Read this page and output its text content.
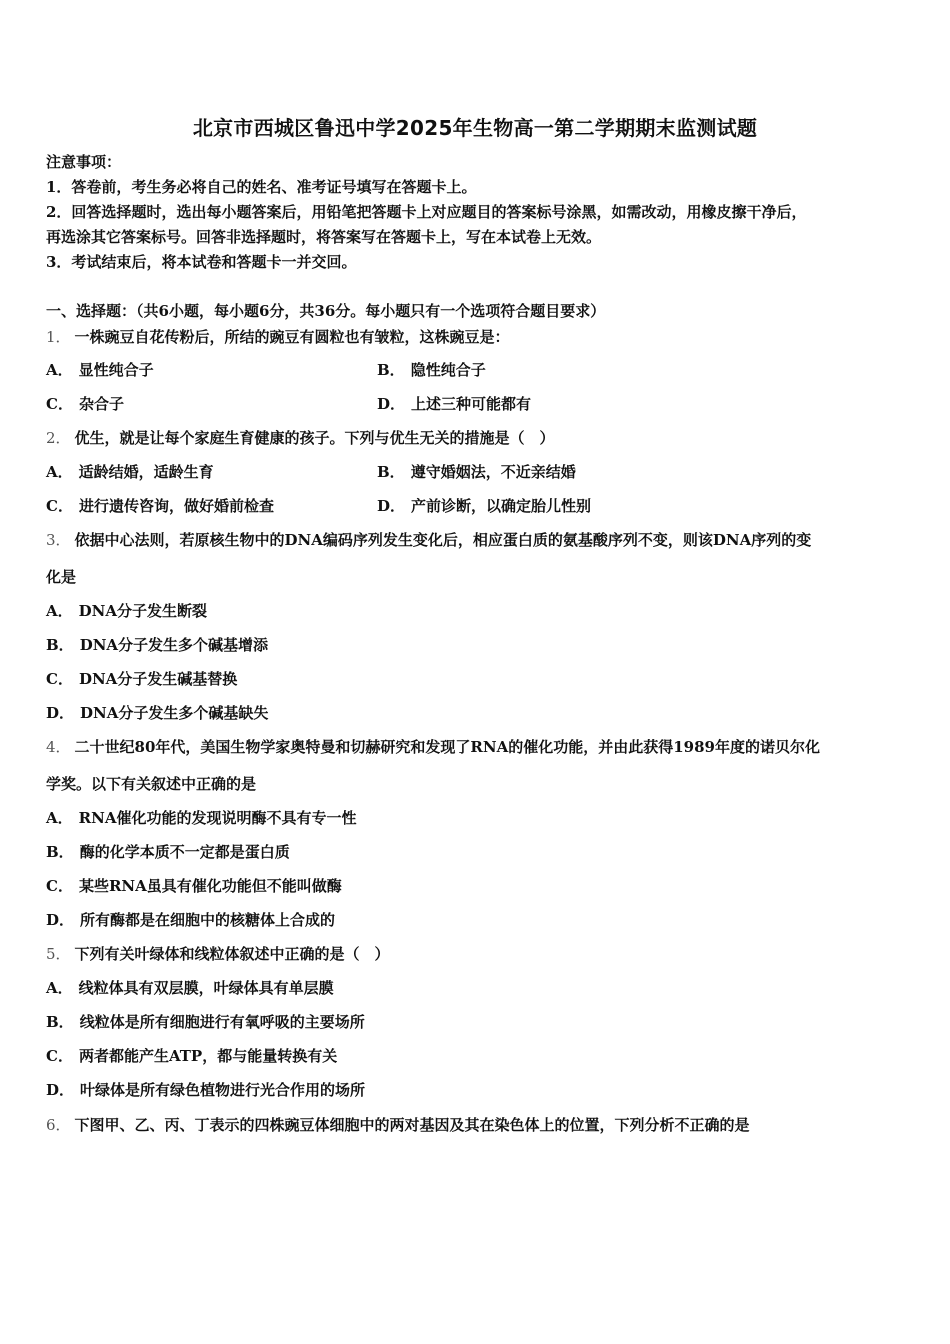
北京市西城区鲁迅中学2025年生物高一第二学期期末监测试题
注意事项：
1．答卷前，考生务必将自己的姓名、准考证号填写在答题卡上。
2．回答选择题时，选出每小题答案后，用铅笔把答题卡上对应题目的答案标号涂黑，如需改动，用橡皮擦干净后，
再选涂其它答案标号。回答非选择题时，将答案写在答题卡上，写在本试卷上无效。
3．考试结束后，将本试卷和答题卡一并交回。
一、选择题：（共6小题，每小题6分，共36分。每小题只有一个选项符合题目要求）
1． 一株豌豆自花传粉后，所结的豌豆有圆粒也有皱粒，这株豌豆是：
A． 显性纯合子	B． 隐性纯合子
C． 杂合子	D． 上述三种可能都有
2． 优生，就是让每个家庭生育健康的孩子。下列与优生无关的措施是（　）
A． 适龄结婚，适龄生育	B． 遵守婚姻法，不近亲结婚
C． 进行遗传咨询，做好婚前检查	D． 产前诊断，以确定胎儿性别
3． 依据中心法则，若原核生物中的DNA编码序列发生变化后，相应蛋白质的氨基酸序列不变，则该DNA序列的变
化是
A． DNA分子发生断裂
B． DNA分子发生多个碱基增添
C． DNA分子发生碱基替换
D． DNA分子发生多个碱基缺失
4． 二十世纪80年代，美国生物学家奥特曼和切赫研究和发现了RNA的催化功能，并由此获得1989年度的诺贝尔化
学奖。以下有关叙述中正确的是
A． RNA催化功能的发现说明酶不具有专一性
B． 酶的化学本质不一定都是蛋白质
C． 某些RNA虽具有催化功能但不能叫做酶
D． 所有酶都是在细胞中的核糖体上合成的
5． 下列有关叶绿体和线粒体叙述中正确的是（　）
A． 线粒体具有双层膜，叶绿体具有单层膜
B． 线粒体是所有细胞进行有氧呼吸的主要场所
C． 两者都能产生ATP，都与能量转换有关
D． 叶绿体是所有绿色植物进行光合作用的场所
6． 下图甲、乙、丙、丁表示的四株豌豆体细胞中的两对基因及其在染色体上的位置，下列分析不正确的是
